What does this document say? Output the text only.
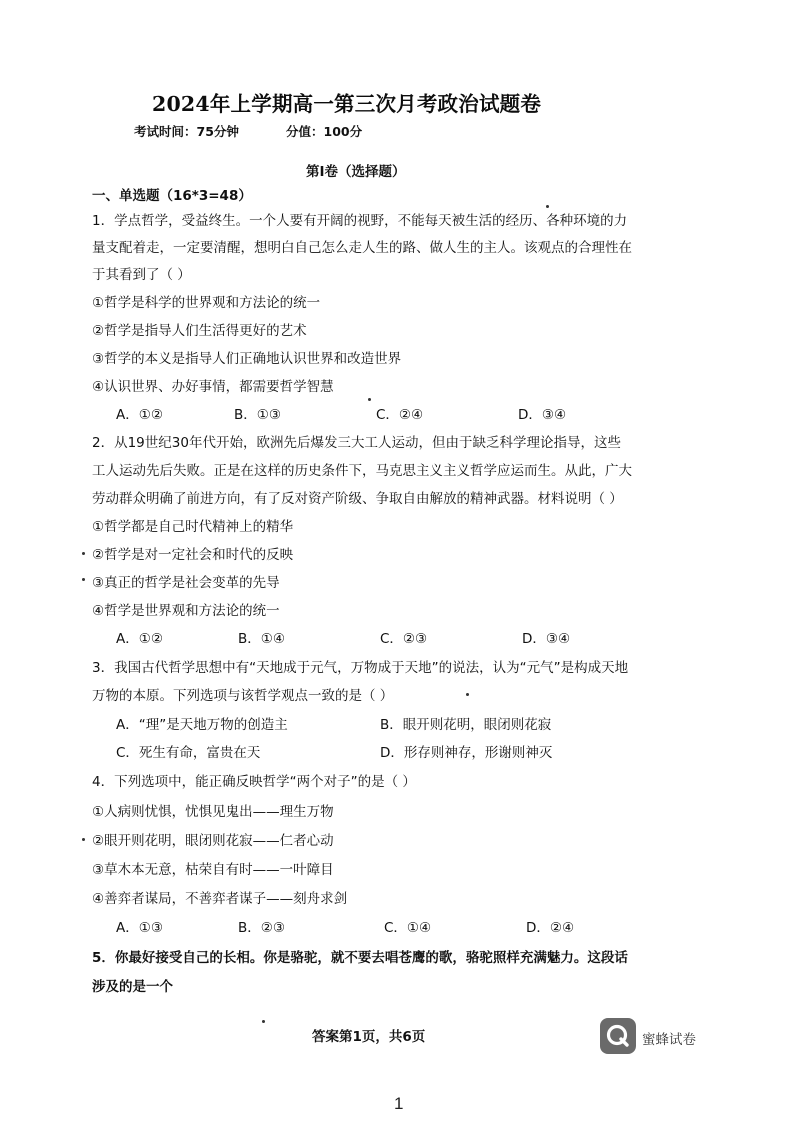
2024年上学期高一第三次月考政治试题卷
考试时间：75分钟	分值：100分
第Ⅰ卷（选择题）
一、单选题（16*3=48）
1．学点哲学，受益终生。一个人要有开阔的视野，不能每天被生活的经历、各种环境的力
量支配着走，一定要清醒，想明白自己怎么走人生的路、做人生的主人。该观点的合理性在
于其看到了（ ）
①哲学是科学的世界观和方法论的统一
②哲学是指导人们生活得更好的艺术
③哲学的本义是指导人们正确地认识世界和改造世界
④认识世界、办好事情，都需要哲学智慧
A．①②	B．①③	C．②④	D．③④
2．从19世纪30年代开始，欧洲先后爆发三大工人运动，但由于缺乏科学理论指导，这些
工人运动先后失败。正是在这样的历史条件下，马克思主义主义哲学应运而生。从此，广大
劳动群众明确了前进方向，有了反对资产阶级、争取自由解放的精神武器。材料说明（ ）
①哲学都是自己时代精神上的精华
②哲学是对一定社会和时代的反映
③真正的哲学是社会变革的先导
④哲学是世界观和方法论的统一
A．①②	B．①④	C．②③	D．③④
3．我国古代哲学思想中有“天地成于元气，万物成于天地”的说法，认为“元气”是构成天地
万物的本原。下列选项与该哲学观点一致的是（ ）
A．“理”是天地万物的创造主	B．眼开则花明，眼闭则花寂
C．死生有命，富贵在天	D．形存则神存，形谢则神灭
4．下列选项中，能正确反映哲学“两个对子”的是（ ）
①人病则忧惧，忧惧见鬼出——理生万物
②眼开则花明，眼闭则花寂——仁者心动
③草木本无意，枯荣自有时——一叶障目
④善弈者谋局，不善弈者谋子——刻舟求剑
A．①③	B．②③	C．①④	D．②④
5．你最好接受自己的长相。你是骆驼，就不要去唱苍鹰的歌，骆驼照样充满魅力。这段话
涉及的是一个
答案第1页，共6页	蜜蜂试卷
1
